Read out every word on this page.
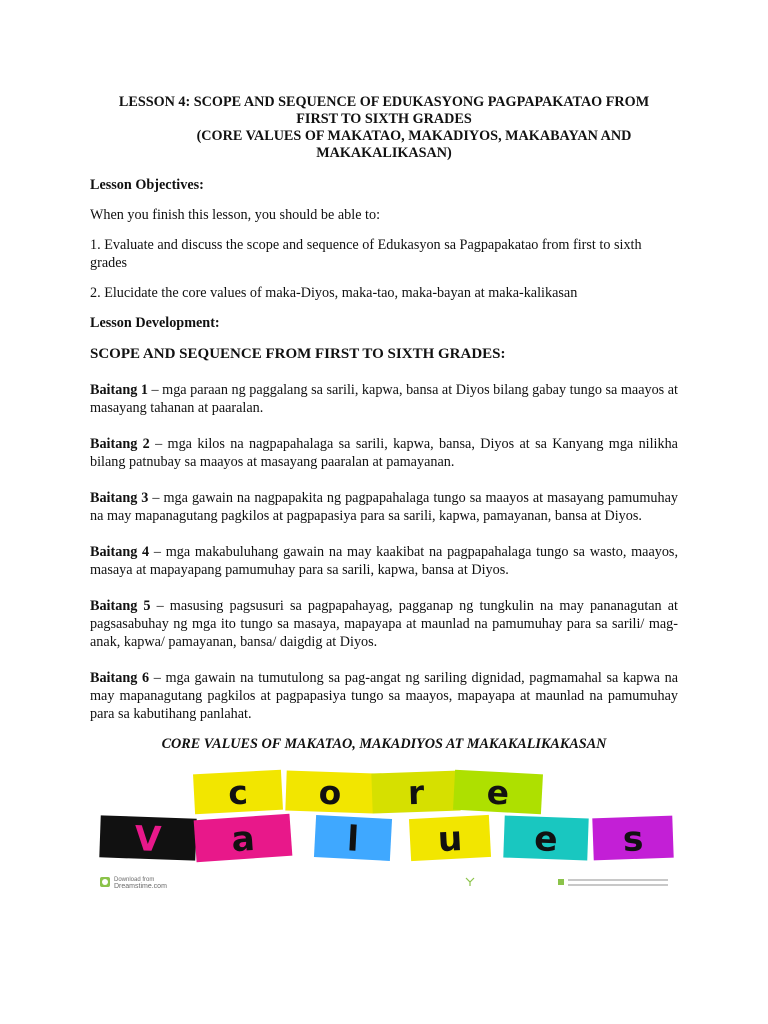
LESSON 4: SCOPE AND SEQUENCE OF EDUKASYONG PAGPAPAKATAO FROM

FIRST TO SIXTH GRADES

(CORE VALUES OF MAKATAO, MAKADIYOS, MAKABAYAN AND

MAKAKALIKASAN)

Lesson Objectives:

When you finish this lesson, you should be able to:

1. Evaluate and discuss the scope and sequence of Edukasyon sa Pagpapakatao from first to sixth grades

2. Elucidate the core values of maka-Diyos, maka-tao, maka-bayan at maka-kalikasan

Lesson Development:

SCOPE AND SEQUENCE FROM FIRST TO SIXTH GRADES:

Baitang 1 – mga paraan ng paggalang sa sarili, kapwa, bansa at Diyos bilang gabay tungo sa maayos at masayang tahanan at paaralan.

Baitang 2 – mga kilos na nagpapahalaga sa sarili, kapwa, bansa, Diyos at sa Kanyang mga nilikha bilang patnubay sa maayos at masayang paaralan at pamayanan.

Baitang 3 – mga gawain na nagpapakita ng pagpapahalaga tungo sa maayos at masayang pamumuhay na may mapanagutang pagkilos at pagpapasiya para sa sarili, kapwa, pamayanan, bansa at Diyos.

Baitang 4 – mga makabuluhang gawain na may kaakibat na pagpapahalaga tungo sa wasto, maayos, masaya at mapayapang pamumuhay para sa sarili, kapwa, bansa at Diyos.

Baitang 5 – masusing pagsusuri sa pagpapahayag, pagganap ng tungkulin na may pananagutan at pagsasabuhay ng mga ito tungo sa masaya, mapayapa at maunlad na pamumuhay para sa sarili/ mag-anak, kapwa/ pamayanan, bansa/ daigdig at Diyos.

Baitang 6 – mga gawain na tumutulong sa pag-angat ng sariling dignidad, pagmamahal sa kapwa na may mapanagutang pagkilos at pagpapasiya tungo sa maayos, mapayapa at maunlad na pamumuhay para sa kabutihang panlahat.

CORE VALUES OF MAKATAO, MAKADIYOS AT MAKAKALIKAKASAN

c o r e
V a	l u e s
Download from
Dreamstime.com
